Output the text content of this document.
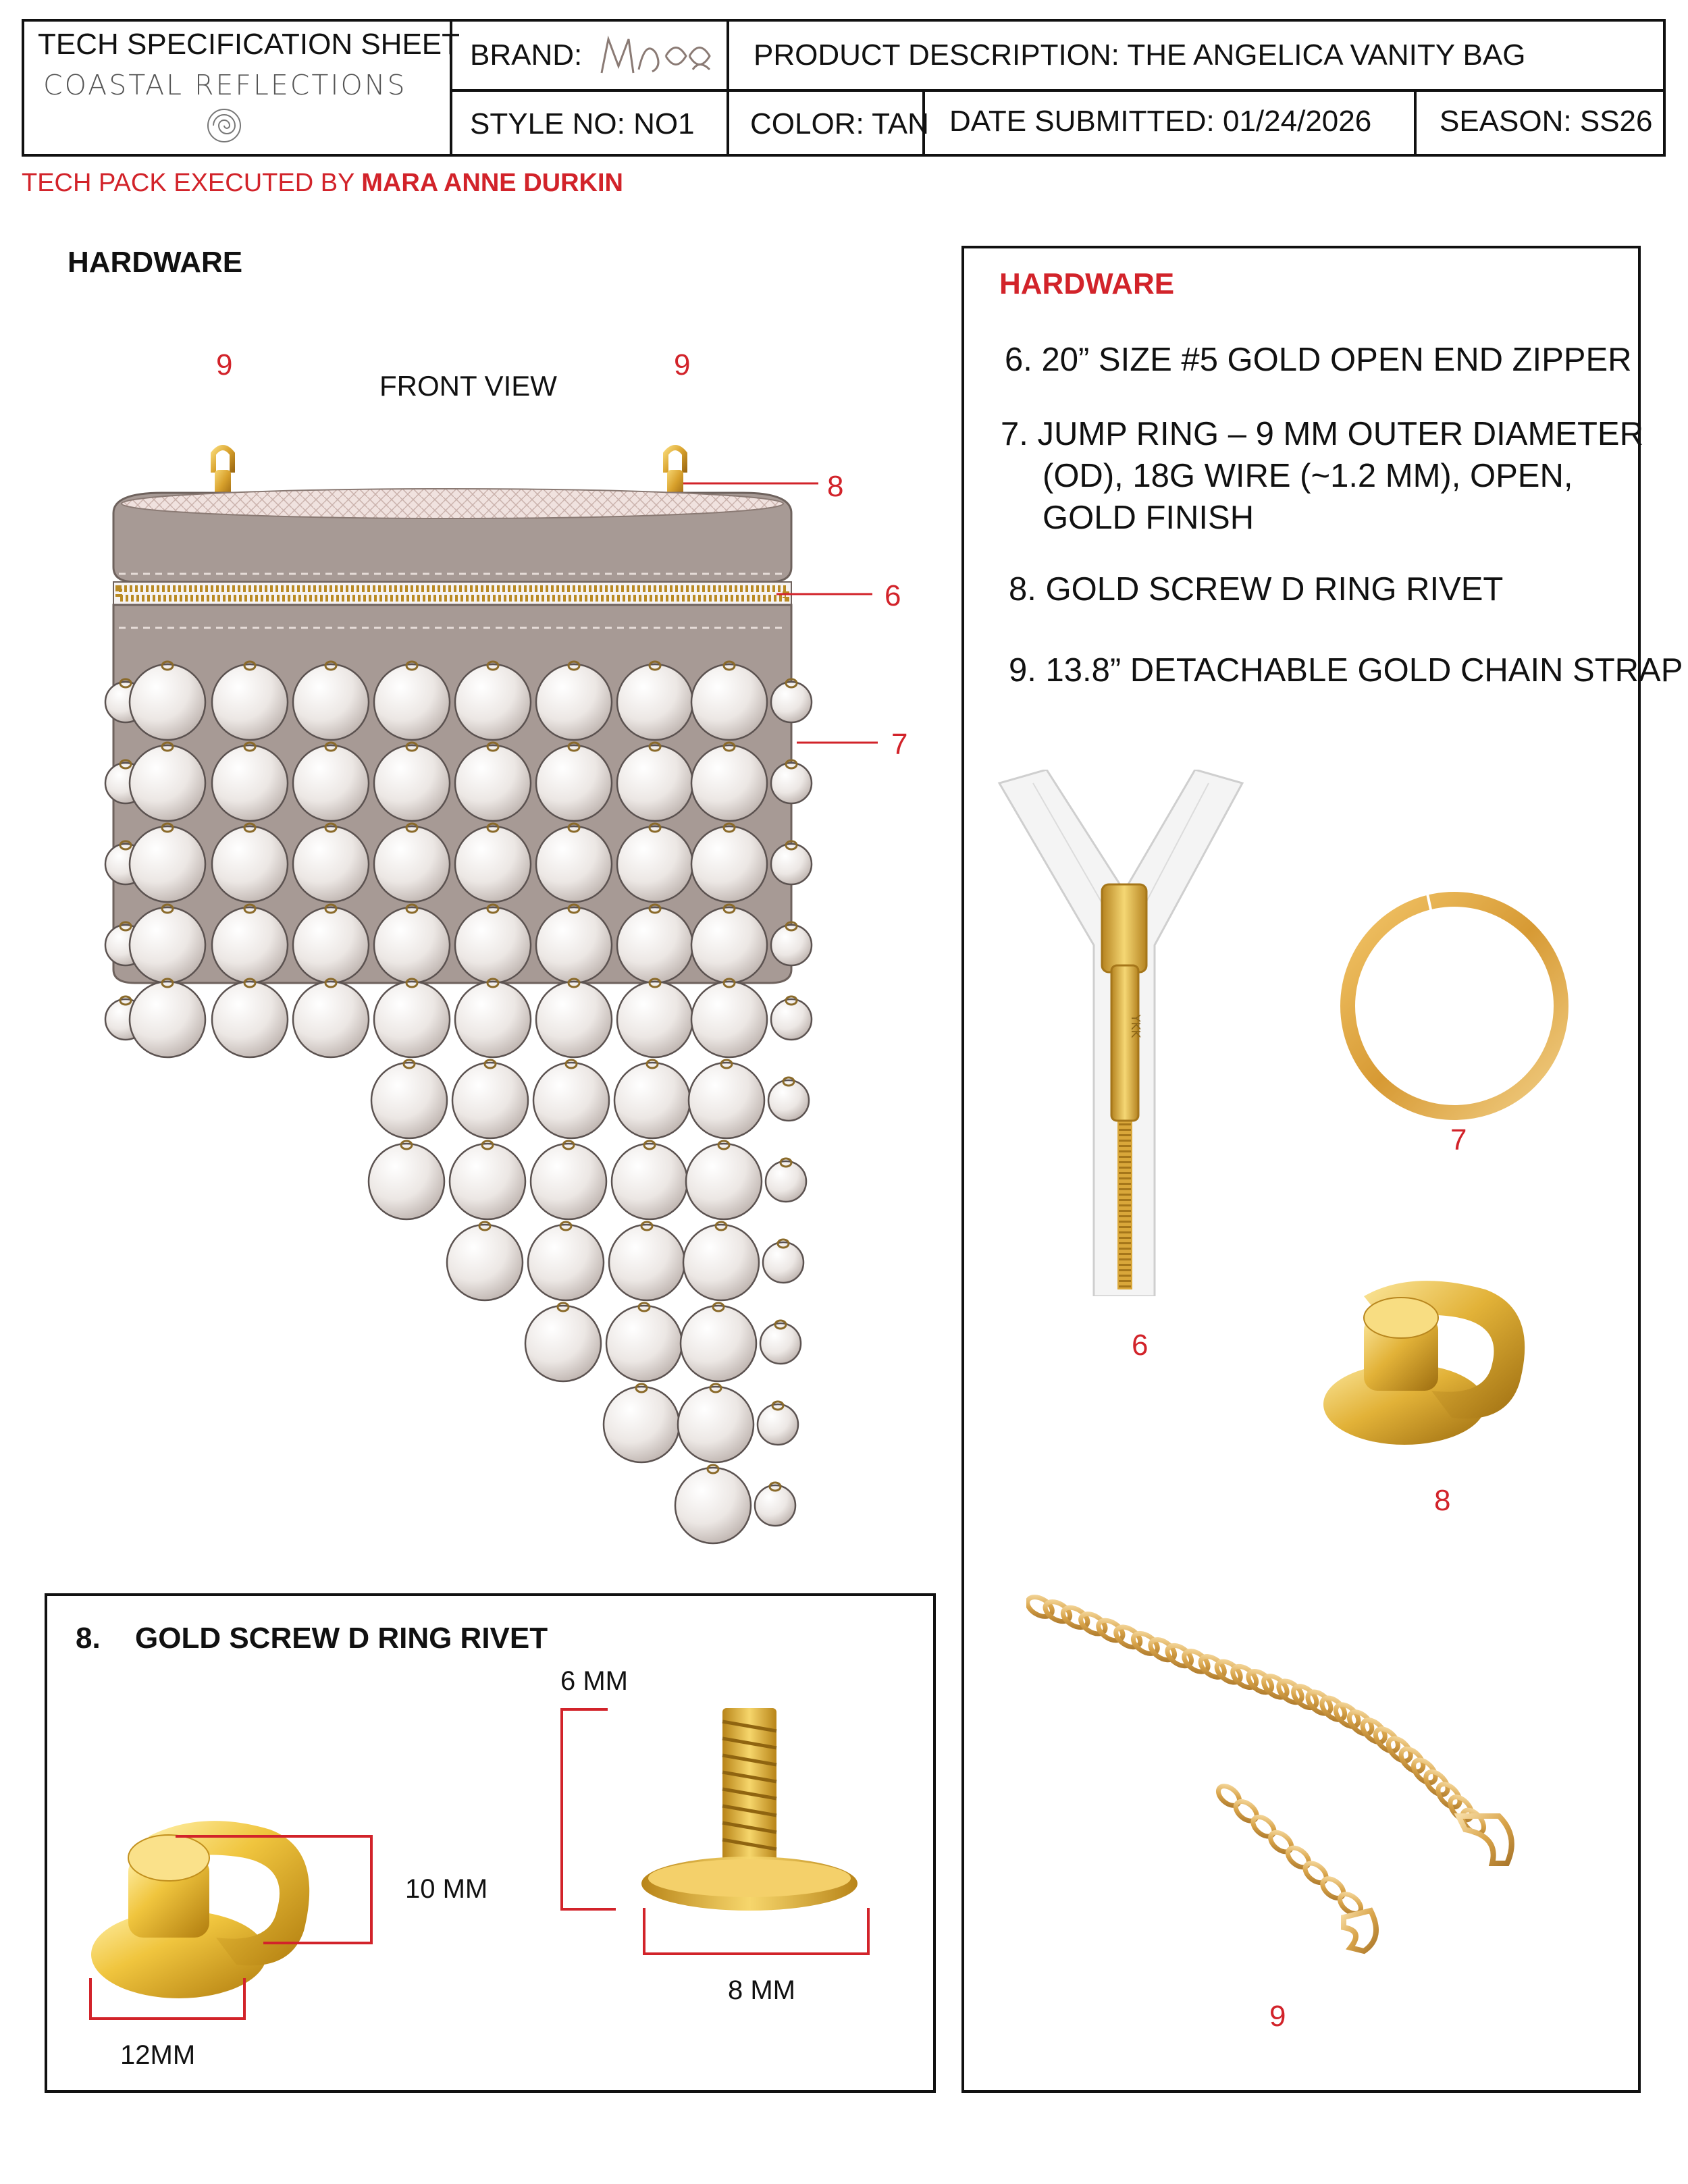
TECH SPECIFICATION SHEET
COASTAL REFLECTIONS
BRAND:	PRODUCT DESCRIPTION: THE ANGELICA VANITY BAG
STYLE NO: NO1 COLOR: TAN DATE SUBMITTED: 01/24/2026 SEASON: SS26
TECH PACK EXECUTED BY MARA ANNE DURKIN
HARDWARE
FRONT VIEW
9	9
8
6
7
HARDWARE
6. 20” SIZE #5 GOLD OPEN END ZIPPER
7. JUMP RING – 9 MM OUTER DIAMETER
(OD), 18G WIRE (~1.2 MM), OPEN,
GOLD FINISH
8. GOLD SCREW D RING RIVET
9. 13.8” DETACHABLE GOLD CHAIN STRAP
YKK
6
7
8
9
8. GOLD SCREW D RING RIVET
10 MM
12MM
6 MM
8 MM
